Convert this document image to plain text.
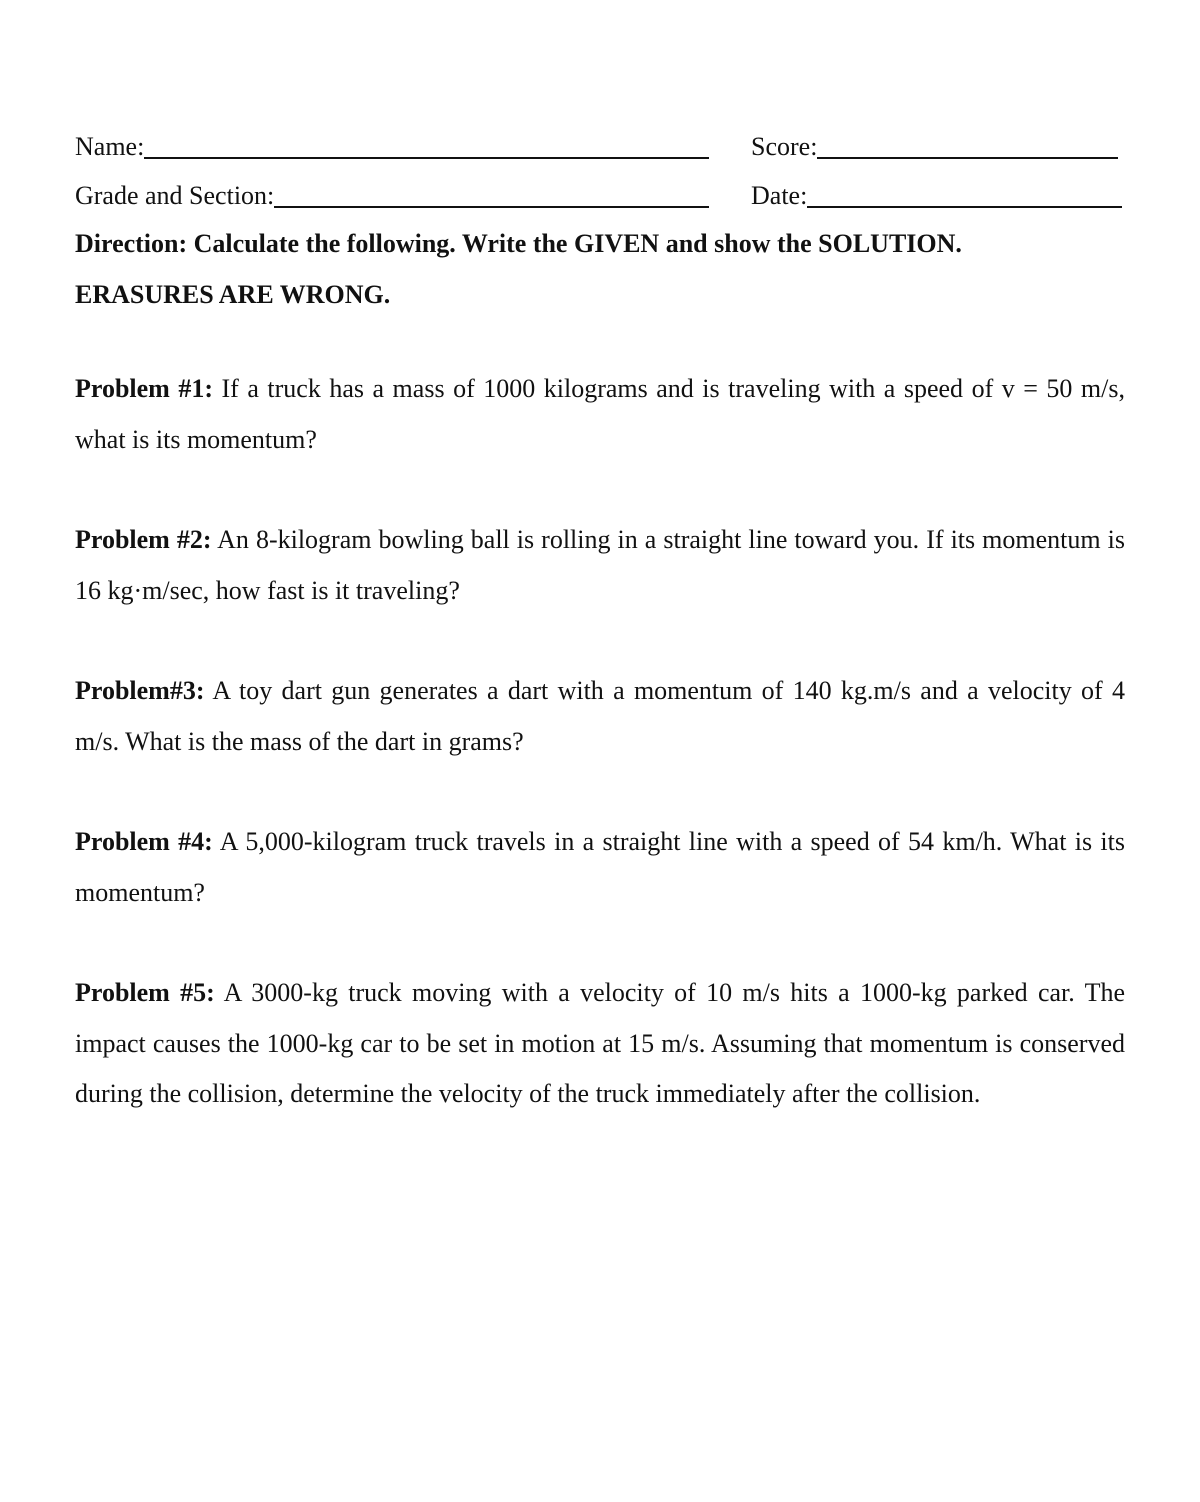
Name:	Score:
Grade and Section:	Date:
Direction: Calculate the following. Write the GIVEN and show the SOLUTION.
ERASURES ARE WRONG.

Problem #1: If a truck has a mass of 1000 kilograms and is traveling with a speed of v = 50 m/s, what is its momentum?

Problem #2: An 8-kilogram bowling ball is rolling in a straight line toward you. If its momentum is 16 kg·m/sec, how fast is it traveling?

Problem#3: A toy dart gun generates a dart with a momentum of 140 kg.m/s and a velocity of 4 m/s. What is the mass of the dart in grams?

Problem #4: A 5,000-kilogram truck travels in a straight line with a speed of 54 km/h. What is its momentum?

Problem #5: A 3000-kg truck moving with a velocity of 10 m/s hits a 1000-kg parked car. The impact causes the 1000-kg car to be set in motion at 15 m/s. Assuming that momentum is conserved during the collision, determine the velocity of the truck immediately after the collision.
